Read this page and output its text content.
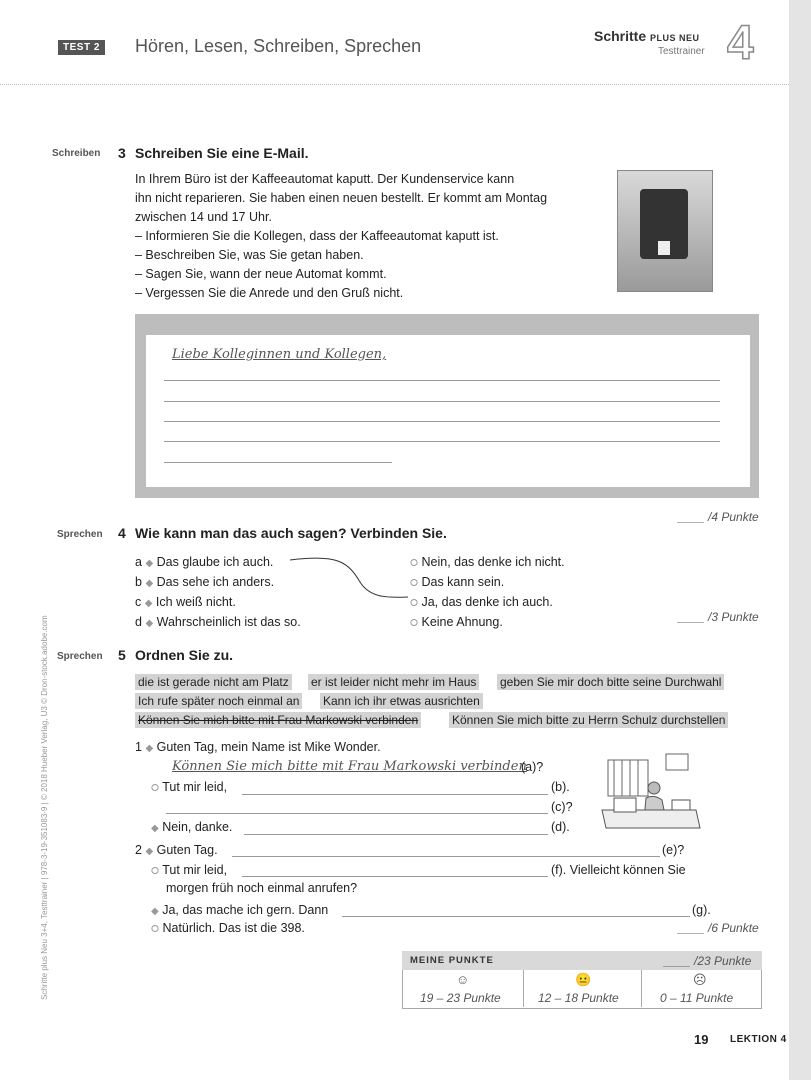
TEST 2 Hören, Lesen, Schreiben, Sprechen	Schritte PLUS NEU
Testtrainer 4
Schreiben 3 Schreiben Sie eine E-Mail.
In Ihrem Büro ist der Kaffeeautomat kaputt. Der Kundenservice kann
ihn nicht reparieren. Sie haben einen neuen bestellt. Er kommt am Montag
zwischen 14 und 17 Uhr.
– Informieren Sie die Kollegen, dass der Kaffeeautomat kaputt ist.
– Beschreiben Sie, was Sie getan haben.
– Sagen Sie, wann der neue Automat kommt.
– Vergessen Sie die Anrede und den Gruß nicht.
Liebe Kolleginnen und Kollegen,
____ /4 Punkte
Sprechen 4 Wie kann man das auch sagen? Verbinden Sie.
a ◆ Das glaube ich auch.
b ◆ Das sehe ich anders.
c ◆ Ich weiß nicht.
d ◆ Wahrscheinlich ist das so.
⭘ Nein, das denke ich nicht.
⭘ Das kann sein.
⭘ Ja, das denke ich auch.
⭘ Keine Ahnung.	____ /3 Punkte
Sprechen 5 Ordnen Sie zu.
die ist gerade nicht am Platz er ist leider nicht mehr im Haus geben Sie mir doch bitte seine Durchwahl
Ich rufe später noch einmal an Kann ich ihr etwas ausrichten
Können Sie mich bitte mit Frau Markowski verbinden	Können Sie mich bitte zu Herrn Schulz durchstellen
1 ◆ Guten Tag, mein Name ist Mike Wonder.
Können Sie mich bitte mit Frau Markowski verbinden
(a)?
⭘ Tut mir leid,	(b).
(c)?
◆ Nein, danke.	(d).
2 ◆ Guten Tag.	(e)?
⭘ Tut mir leid,	(f). Vielleicht können Sie
morgen früh noch einmal anrufen?
◆ Ja, das mache ich gern. Dann	(g).
⭘ Natürlich. Das ist die 398.	____ /6 Punkte
MEINE PUNKTE	____ /23 Punkte
☺	😐	☹
19 – 23 Punkte	12 – 18 Punkte	0 – 11 Punkte
19 LEKTION 4
Schritte plus Neu 3+4, Testtrainer | 978-3-19-351083-9 | © 2018 Hueber Verlag, U3 © Dron-stock.adobe.com
